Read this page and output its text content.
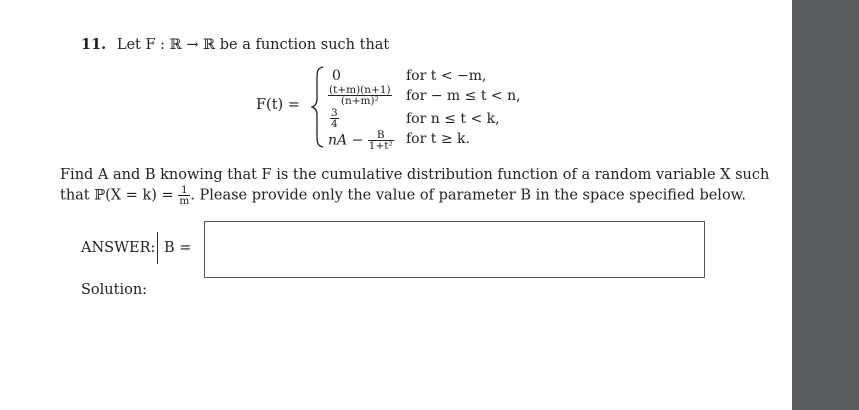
11. Let F : ℝ → ℝ be a function such that
F(t) =
0	for t < −m,
$\frac{(t+m)(n+1)}{\text{(n+m)²}}$ for − m ≤ t < n,
$\frac{3}{4}$	for n ≤ t < k,
nA − $\frac{B}{\text{1+t²}}$ for t ≥ k.
Find A and B knowing that F is the cumulative distribution function of a random variable X such
that ℙ(X = $k) = \frac{1}{m}$ . Please provide only the value of parameter B in the space specified below.
ANSWER: B =
Solution:
